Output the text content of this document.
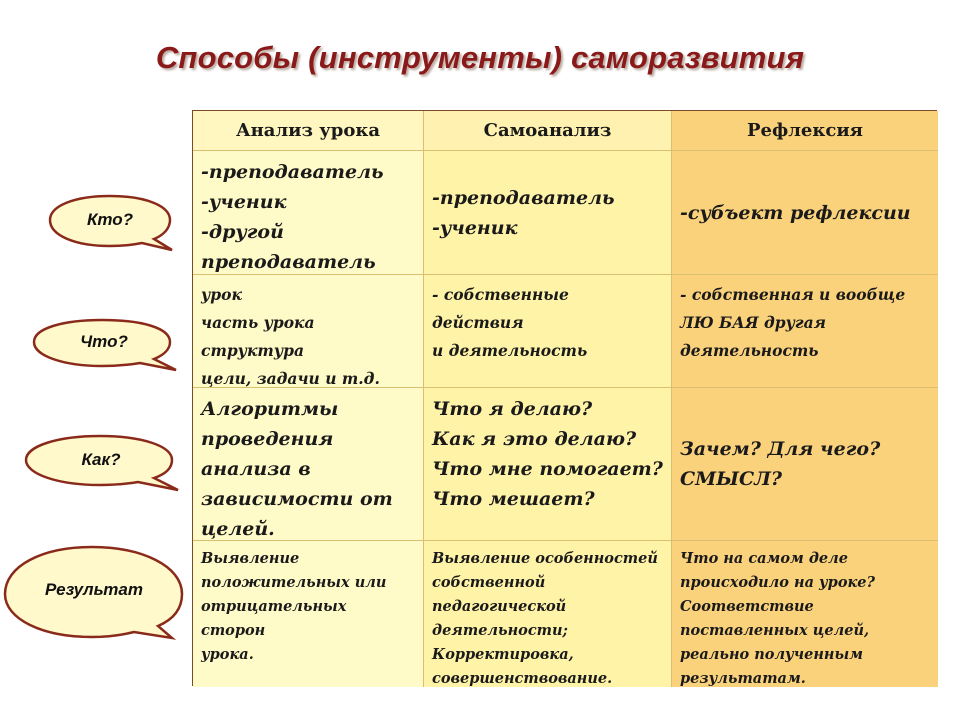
Способы (инструменты) саморазвития
Кто?
Что?
Как?
Результат
Анализ урока	Самоанализ	Рефлексия
-преподаватель
-ученик
-другой
преподаватель
-преподаватель
-ученик
-субъект рефлексии
урок
часть урока
структура
цели, задачи и т.д.
- собственные
действия
и деятельность
- собственная и вообще
ЛЮ БАЯ другая
деятельность
Алгоритмы
проведения
анализа в
зависимости от
целей.
Что я делаю?
Как я это делаю?
Что мне помогает?
Что мешает?
Зачем? Для чего?
СМЫСЛ?
Выявление
положительных или
отрицательных сторон
урока.
Выявление особенностей
собственной
педагогической
деятельности;
Корректировка,
совершенствование.
Что на самом деле
происходило на уроке?
Соответствие
поставленных целей,
реально полученным
результатам.
